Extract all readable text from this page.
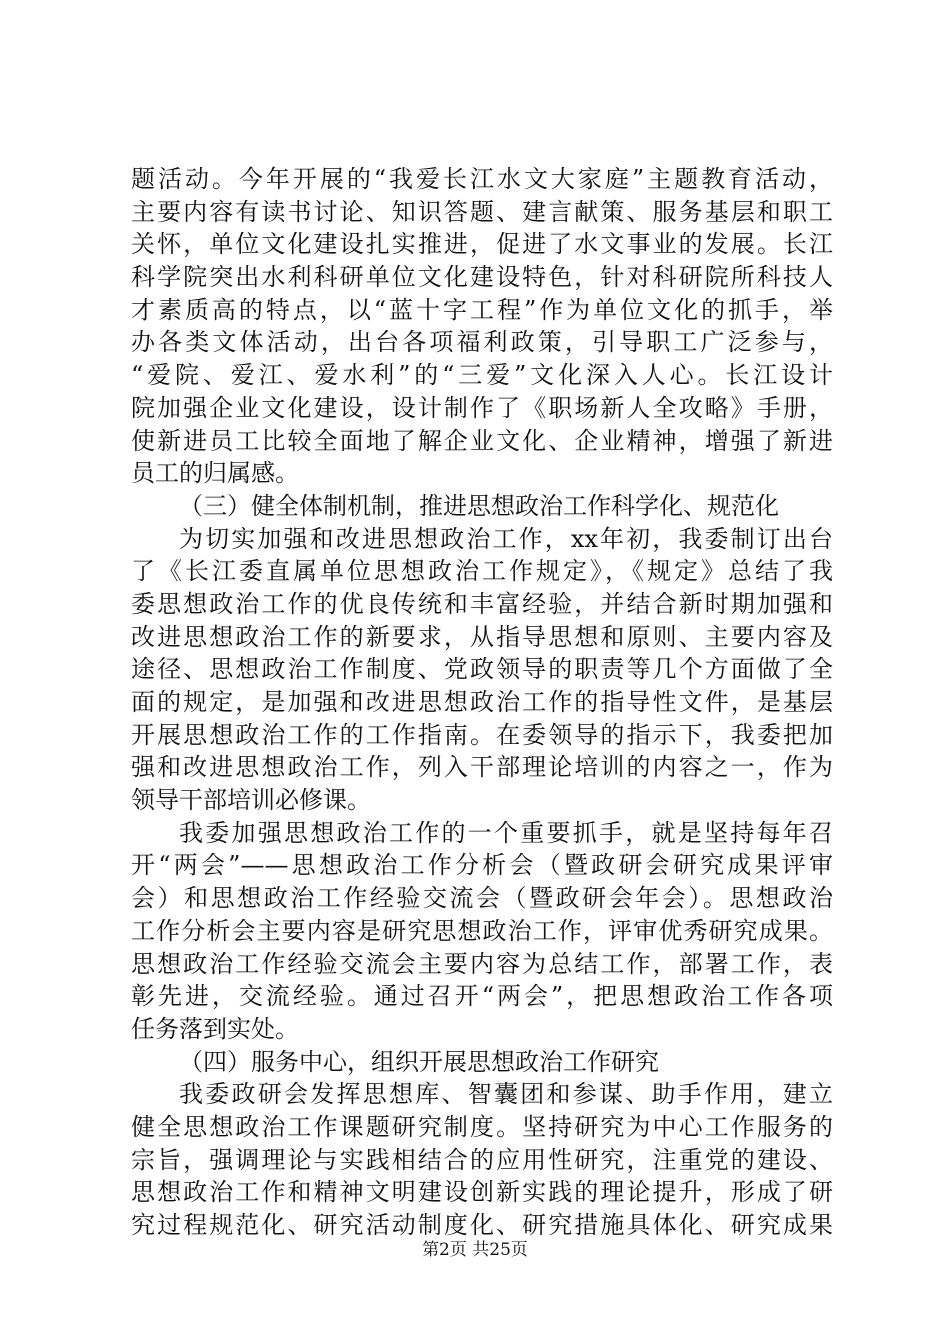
题活动。今年开展的“我爱长江水文大家庭”主题教育活动，
主要内容有读书讨论、知识答题、建言献策、服务基层和职工
关怀，单位文化建设扎实推进，促进了水文事业的发展。长江
科学院突出水利科研单位文化建设特色，针对科研院所科技人
才素质高的特点，以“蓝十字工程”作为单位文化的抓手，举
办各类文体活动，出台各项福利政策，引导职工广泛参与，
“爱院、爱江、爱水利”的“三爱”文化深入人心。长江设计
院加强企业文化建设，设计制作了《职场新人全攻略》手册，
使新进员工比较全面地了解企业文化、企业精神，增强了新进
员工的归属感。
（三）健全体制机制，推进思想政治工作科学化、规范化
为切实加强和改进思想政治工作，xx年初，我委制订出台
了《长江委直属单位思想政治工作规定》，《规定》总结了我
委思想政治工作的优良传统和丰富经验，并结合新时期加强和
改进思想政治工作的新要求，从指导思想和原则、主要内容及
途径、思想政治工作制度、党政领导的职责等几个方面做了全
面的规定，是加强和改进思想政治工作的指导性文件，是基层
开展思想政治工作的工作指南。在委领导的指示下，我委把加
强和改进思想政治工作，列入干部理论培训的内容之一，作为
领导干部培训必修课。
我委加强思想政治工作的一个重要抓手，就是坚持每年召
开“两会”——思想政治工作分析会（暨政研会研究成果评审
会）和思想政治工作经验交流会（暨政研会年会）。思想政治
工作分析会主要内容是研究思想政治工作，评审优秀研究成果。
思想政治工作经验交流会主要内容为总结工作，部署工作，表
彰先进，交流经验。通过召开“两会”，把思想政治工作各项
任务落到实处。
（四）服务中心，组织开展思想政治工作研究
我委政研会发挥思想库、智囊团和参谋、助手作用，建立
健全思想政治工作课题研究制度。坚持研究为中心工作服务的
宗旨，强调理论与实践相结合的应用性研究，注重党的建设、
思想政治工作和精神文明建设创新实践的理论提升，形成了研
究过程规范化、研究活动制度化、研究措施具体化、研究成果
第2页 共25页
